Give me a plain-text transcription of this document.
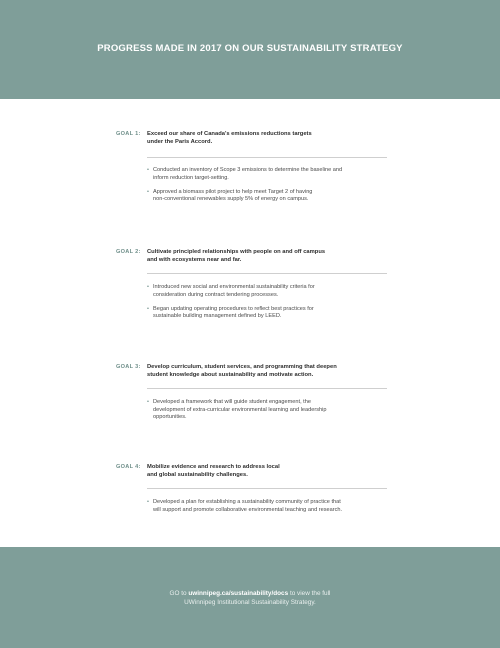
PROGRESS MADE IN 2017 ON OUR SUSTAINABILITY STRATEGY
GOAL 1: Exceed our share of Canada's emissions reductions targets
under the Paris Accord.
• Conducted an inventory of Scope 3 emissions to determine the baseline and
inform reduction target-setting.
• Approved a biomass pilot project to help meet Target 2 of having
non-conventional renewables supply 5% of energy on campus.
GOAL 2: Cultivate principled relationships with people on and off campus
and with ecosystems near and far.
• Introduced new social and environmental sustainability criteria for
consideration during contract tendering processes.
• Began updating operating procedures to reflect best practices for
sustainable building management defined by LEED.
GOAL 3: Develop curriculum, student services, and programming that deepen
student knowledge about sustainability and motivate action.
• Developed a framework that will guide student engagement, the
development of extra-curricular environmental learning and leadership
opportunities.
GOAL 4: Mobilize evidence and research to address local
and global sustainability challenges.
• Developed a plan for establishing a sustainability community of practice that
will support and promote collaborative environmental teaching and research.
GO to uwinnipeg.ca/sustainability/docs to view the full
UWinnipeg Institutional Sustainability Strategy.
